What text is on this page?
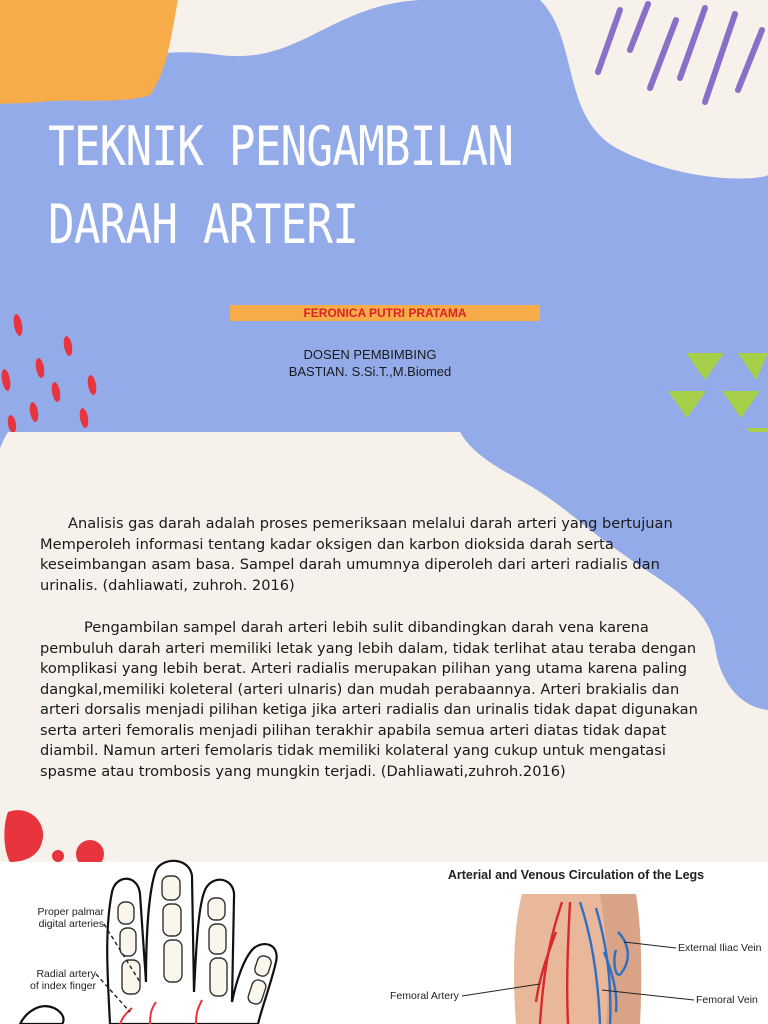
TEKNIK PENGAMBILAN
DARAH ARTERI
FERONICA PUTRI PRATAMA
DOSEN PEMBIMBING
BASTIAN. S.Si.T.,M.Biomed

Analisis gas darah adalah proses pemeriksaan melalui darah arteri yang bertujuan Memperoleh informasi tentang kadar oksigen dan karbon dioksida darah serta keseimbangan asam basa. Sampel darah umumnya diperoleh dari arteri radialis dan urinalis. (dahliawati, zuhroh. 2016)

Pengambilan sampel darah arteri lebih sulit dibandingkan darah vena karena pembuluh darah arteri memiliki letak yang lebih dalam, tidak terlihat atau teraba dengan komplikasi yang lebih berat. Arteri radialis merupakan pilihan yang utama karena paling dangkal,memiliki koleteral (arteri ulnaris) dan mudah perabaannya. Arteri brakialis dan arteri dorsalis menjadi pilihan ketiga jika arteri radialis dan urinalis tidak dapat digunakan serta arteri femoralis menjadi pilihan terakhir apabila semua arteri diatas tidak dapat diambil. Namun arteri femolaris tidak memiliki kolateral yang cukup untuk mengatasi spasme atau trombosis yang mungkin terjadi. (Dahliawati,zuhroh.2016)

Proper palmar
digital arteries
Radial artery
of index finger
Arterial and Venous Circulation of the Legs
External Iliac Vein
Femoral Artery	Femoral Vein
